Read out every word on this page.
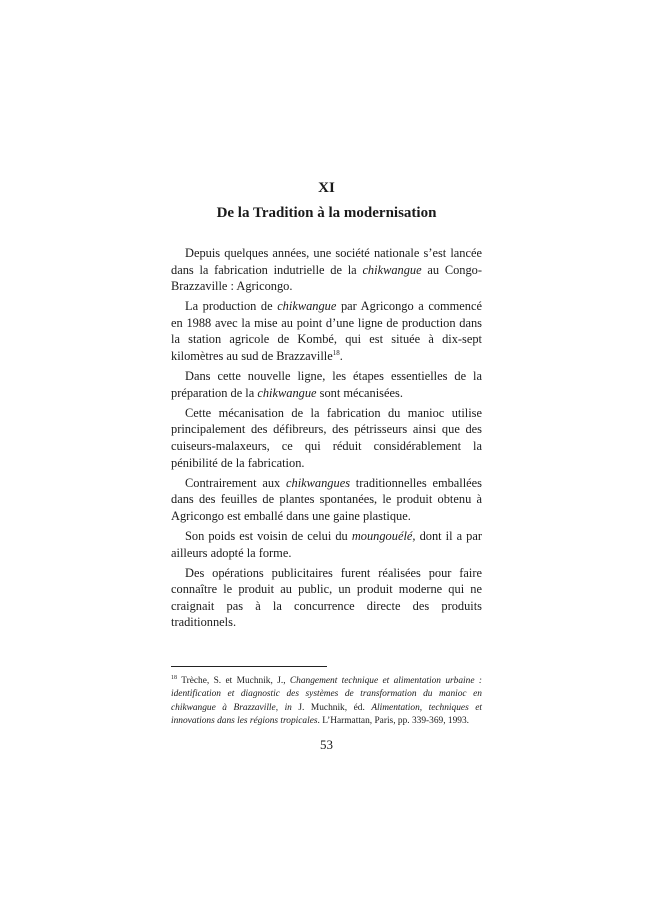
XI
De la Tradition à la modernisation

Depuis quelques années, une société nationale s’est lancée dans la fabrication indutrielle de la chikwangue au Congo-Brazzaville : Agricongo.

La production de chikwangue par Agricongo a commencé en 1988 avec la mise au point d’une ligne de production dans la station agricole de Kombé, qui est située à dix-sept kilomètres au sud de Brazzaville$^{18}$.

Dans cette nouvelle ligne, les étapes essentielles de la préparation de la chikwangue sont mécanisées.

Cette mécanisation de la fabrication du manioc utilise principalement des défibreurs, des pétrisseurs ainsi que des cuiseurs-malaxeurs, ce qui réduit considérablement la pénibilité de la fabrication.

Contrairement aux chikwangues traditionnelles emballées dans des feuilles de plantes spontanées, le produit obtenu à Agricongo est emballé dans une gaine plastique.

Son poids est voisin de celui du moungouélé, dont il a par ailleurs adopté la forme.

Des opérations publicitaires furent réalisées pour faire connaître le produit au public, un produit moderne qui ne craignait pas à la concurrence directe des produits traditionnels.

$^{18}$ Trèche, S. et Muchnik, J., Changement technique et alimentation urbaine : identification et diagnostic des systèmes de transformation du manioc en chikwangue à Brazzaville, in J. Muchnik, éd. Alimentation, techniques et innovations dans les régions tropicales. L’Harmattan, Paris, pp. 339-369, 1993.

53
